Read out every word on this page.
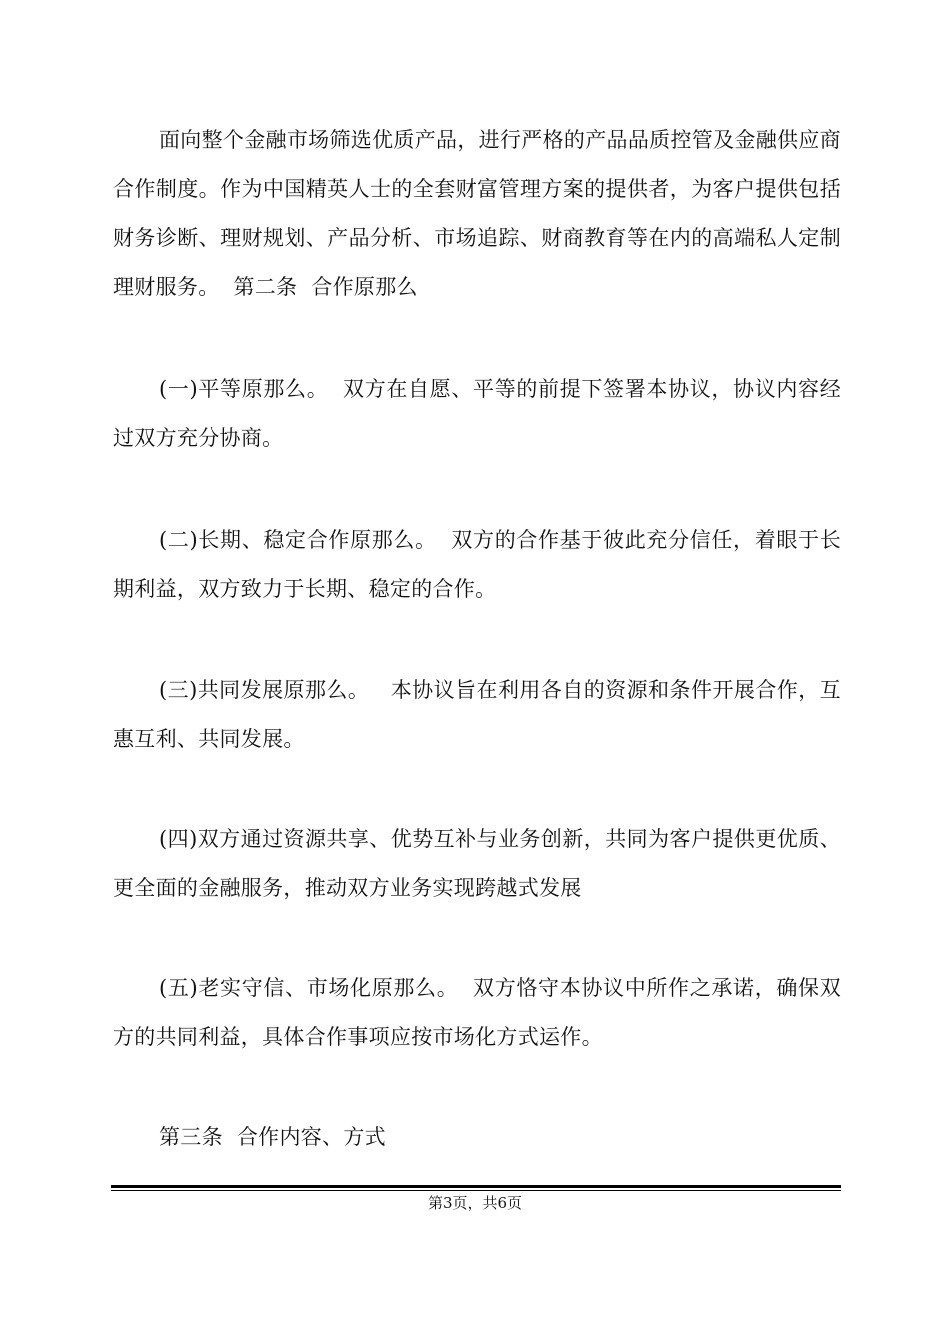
面向整个金融市场筛选优质产品，进行严格的产品品质控管及金融供应商合作制度。作为中国精英人士的全套财富管理方案的提供者，为客户提供包括财务诊断、理财规划、产品分析、市场追踪、财商教育等在内的高端私人定制理财服务。  第二条  合作原那么

(一)平等原那么。  双方在自愿、平等的前提下签署本协议，协议内容经过双方充分协商。

(二)长期、稳定合作原那么。  双方的合作基于彼此充分信任，着眼于长期利益，双方致力于长期、稳定的合作。

(三)共同发展原那么。   本协议旨在利用各自的资源和条件开展合作，互惠互利、共同发展。

(四)双方通过资源共享、优势互补与业务创新，共同为客户提供更优质、更全面的金融服务，推动双方业务实现跨越式发展

(五)老实守信、市场化原那么。  双方恪守本协议中所作之承诺，确保双方的共同利益，具体合作事项应按市场化方式运作。

第三条  合作内容、方式

第3页，共6页
